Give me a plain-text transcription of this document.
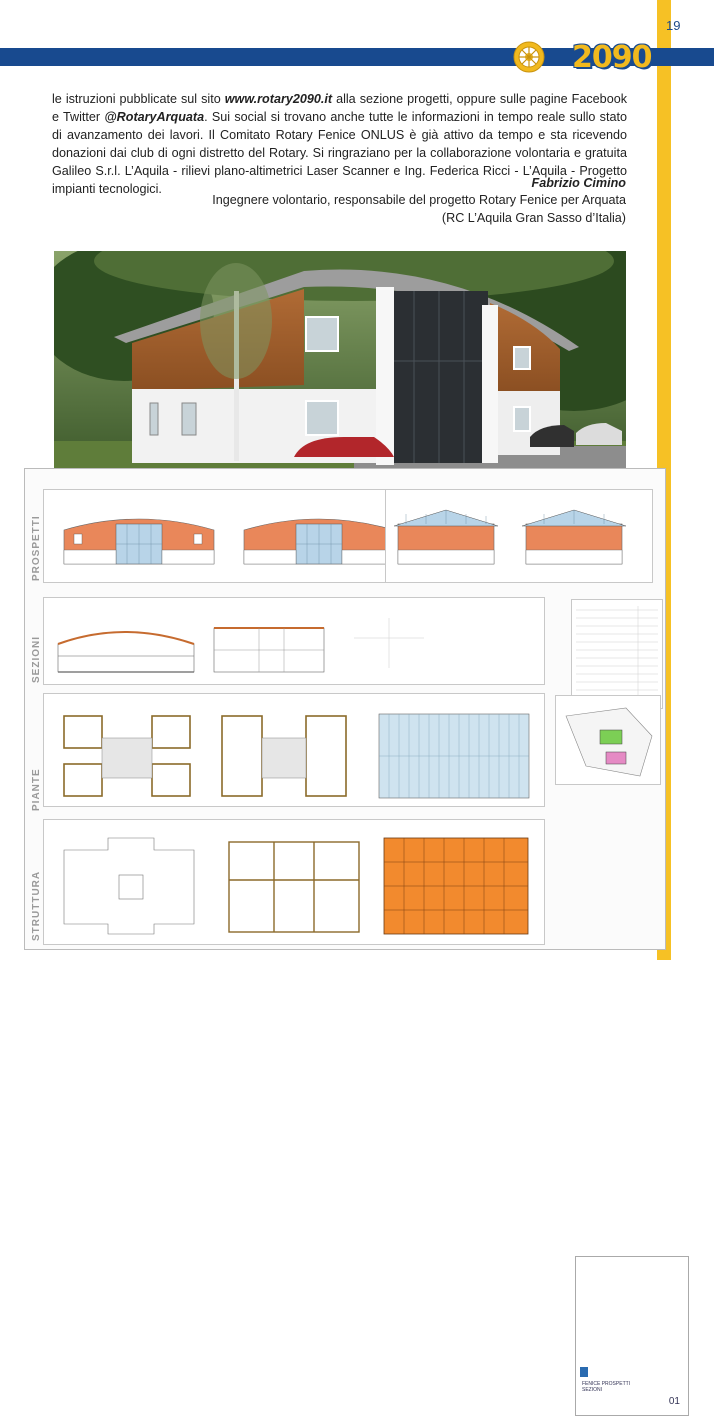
19
2090
le istruzioni pubblicate sul sito www.rotary2090.it alla sezione progetti, oppure sulle pagine Facebook e Twitter @RotaryArquata. Sui social si trovano anche tutte le informazioni in tempo reale sullo stato di avanzamento dei lavori. Il Comitato Rotary Fenice ONLUS è già attivo da tempo e sta ricevendo donazioni dai club di ogni distretto del Rotary. Si ringraziano per la collaborazione volontaria e gratuita Galileo S.r.l. L’Aquila - rilievi plano-altimetrici Laser Scanner e Ing. Federica Ricci - L’Aquila - Progetto impianti tecnologici.	Fabrizio Cimino
Ingegnere volontario, responsabile del progetto Rotary Fenice per Arquata
(RC L’Aquila Gran Sasso d’Italia)
PROSPETTI
SEZIONI
PIANTE
STRUTTURA
FENICE PROSPETTI SEZIONI
01
